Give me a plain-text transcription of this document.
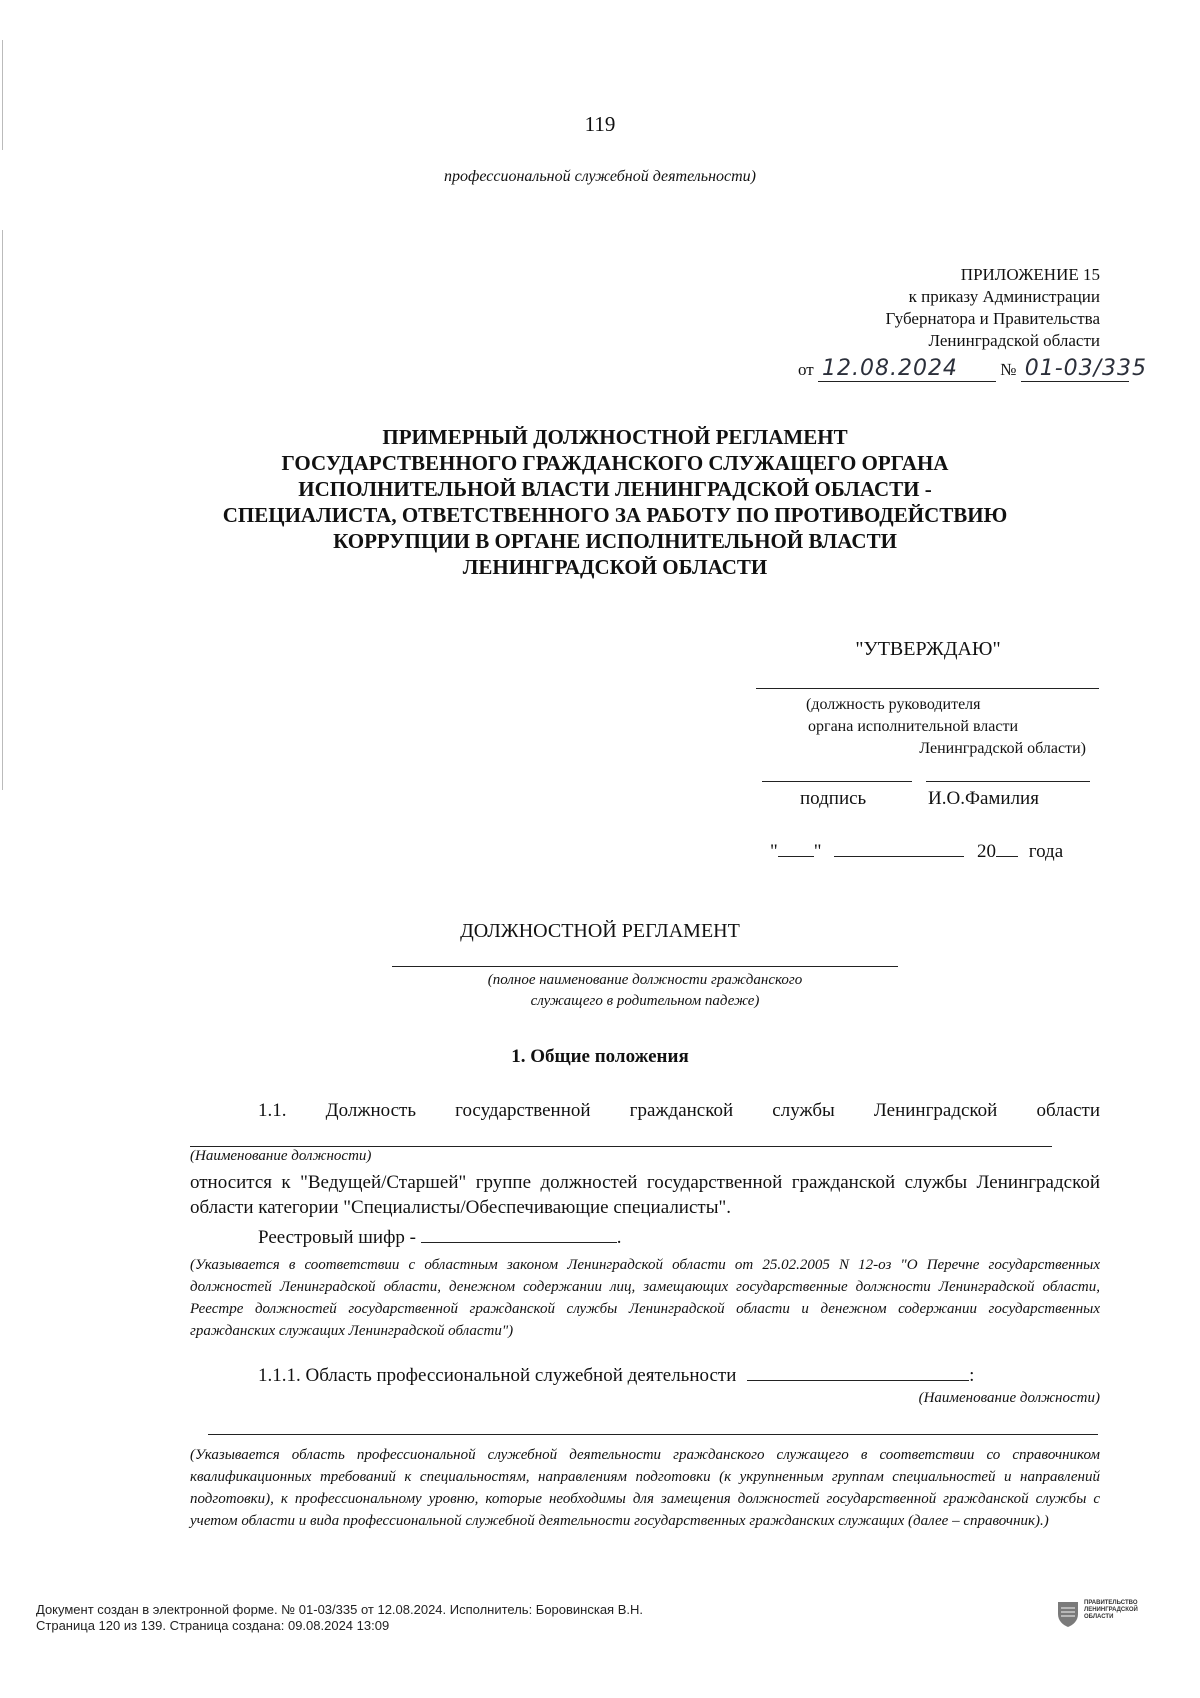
119
профессиональной служебной деятельности)
ПРИЛОЖЕНИЕ 15
к приказу Администрации
Губернатора и Правительства
Ленинградской области
от 12.08.2024 № 01-03/335
ПРИМЕРНЫЙ ДОЛЖНОСТНОЙ РЕГЛАМЕНТ
ГОСУДАРСТВЕННОГО ГРАЖДАНСКОГО СЛУЖАЩЕГО ОРГАНА
ИСПОЛНИТЕЛЬНОЙ ВЛАСТИ ЛЕНИНГРАДСКОЙ ОБЛАСТИ -
СПЕЦИАЛИСТА, ОТВЕТСТВЕННОГО ЗА РАБОТУ ПО ПРОТИВОДЕЙСТВИЮ
КОРРУПЦИИ В ОРГАНЕ ИСПОЛНИТЕЛЬНОЙ ВЛАСТИ
ЛЕНИНГРАДСКОЙ ОБЛАСТИ
"УТВЕРЖДАЮ"
(должность руководителя
органа исполнительной власти
Ленинградской области)
подпись	И.О.Фамилия
" "	20 года
ДОЛЖНОСТНОЙ РЕГЛАМЕНТ
(полное наименование должности гражданского
служащего в родительном падеже)
1. Общие положения
1.1. Должность государственной гражданской службы Ленинградской области
(Наименование должности)
относится к "Ведущей/Старшей" группе должностей государственной гражданской службы Ленинградской области категории "Специалисты/Обеспечивающие специалисты".
Реестровый шифр -	.
(Указывается в соответствии с областным законом Ленинградской области от 25.02.2005 N 12-оз "О Перечне государственных должностей Ленинградской области, денежном содержании лиц, замещающих государственные должности Ленинградской области, Реестре должностей государственной гражданской службы Ленинградской области и денежном содержании государственных гражданских служащих Ленинградской области")
1.1.1. Область профессиональной служебной деятельности	:
(Наименование должности)
(Указывается область профессиональной служебной деятельности гражданского служащего в соответствии со справочником квалификационных требований к специальностям, направлениям подготовки (к укрупненным группам специальностей и направлений подготовки), к профессиональному уровню, которые необходимы для замещения должностей государственной гражданской службы с учетом области и вида профессиональной служебной деятельности государственных гражданских служащих (далее – справочник).)
Документ создан в электронной форме. № 01-03/335 от 12.08.2024. Исполнитель: Боровинская В.Н.
Страница 120 из 139. Страница создана: 09.08.2024 13:09
ПРАВИТЕЛЬСТВО
ЛЕНИНГРАДСКОЙ
ОБЛАСТИ
